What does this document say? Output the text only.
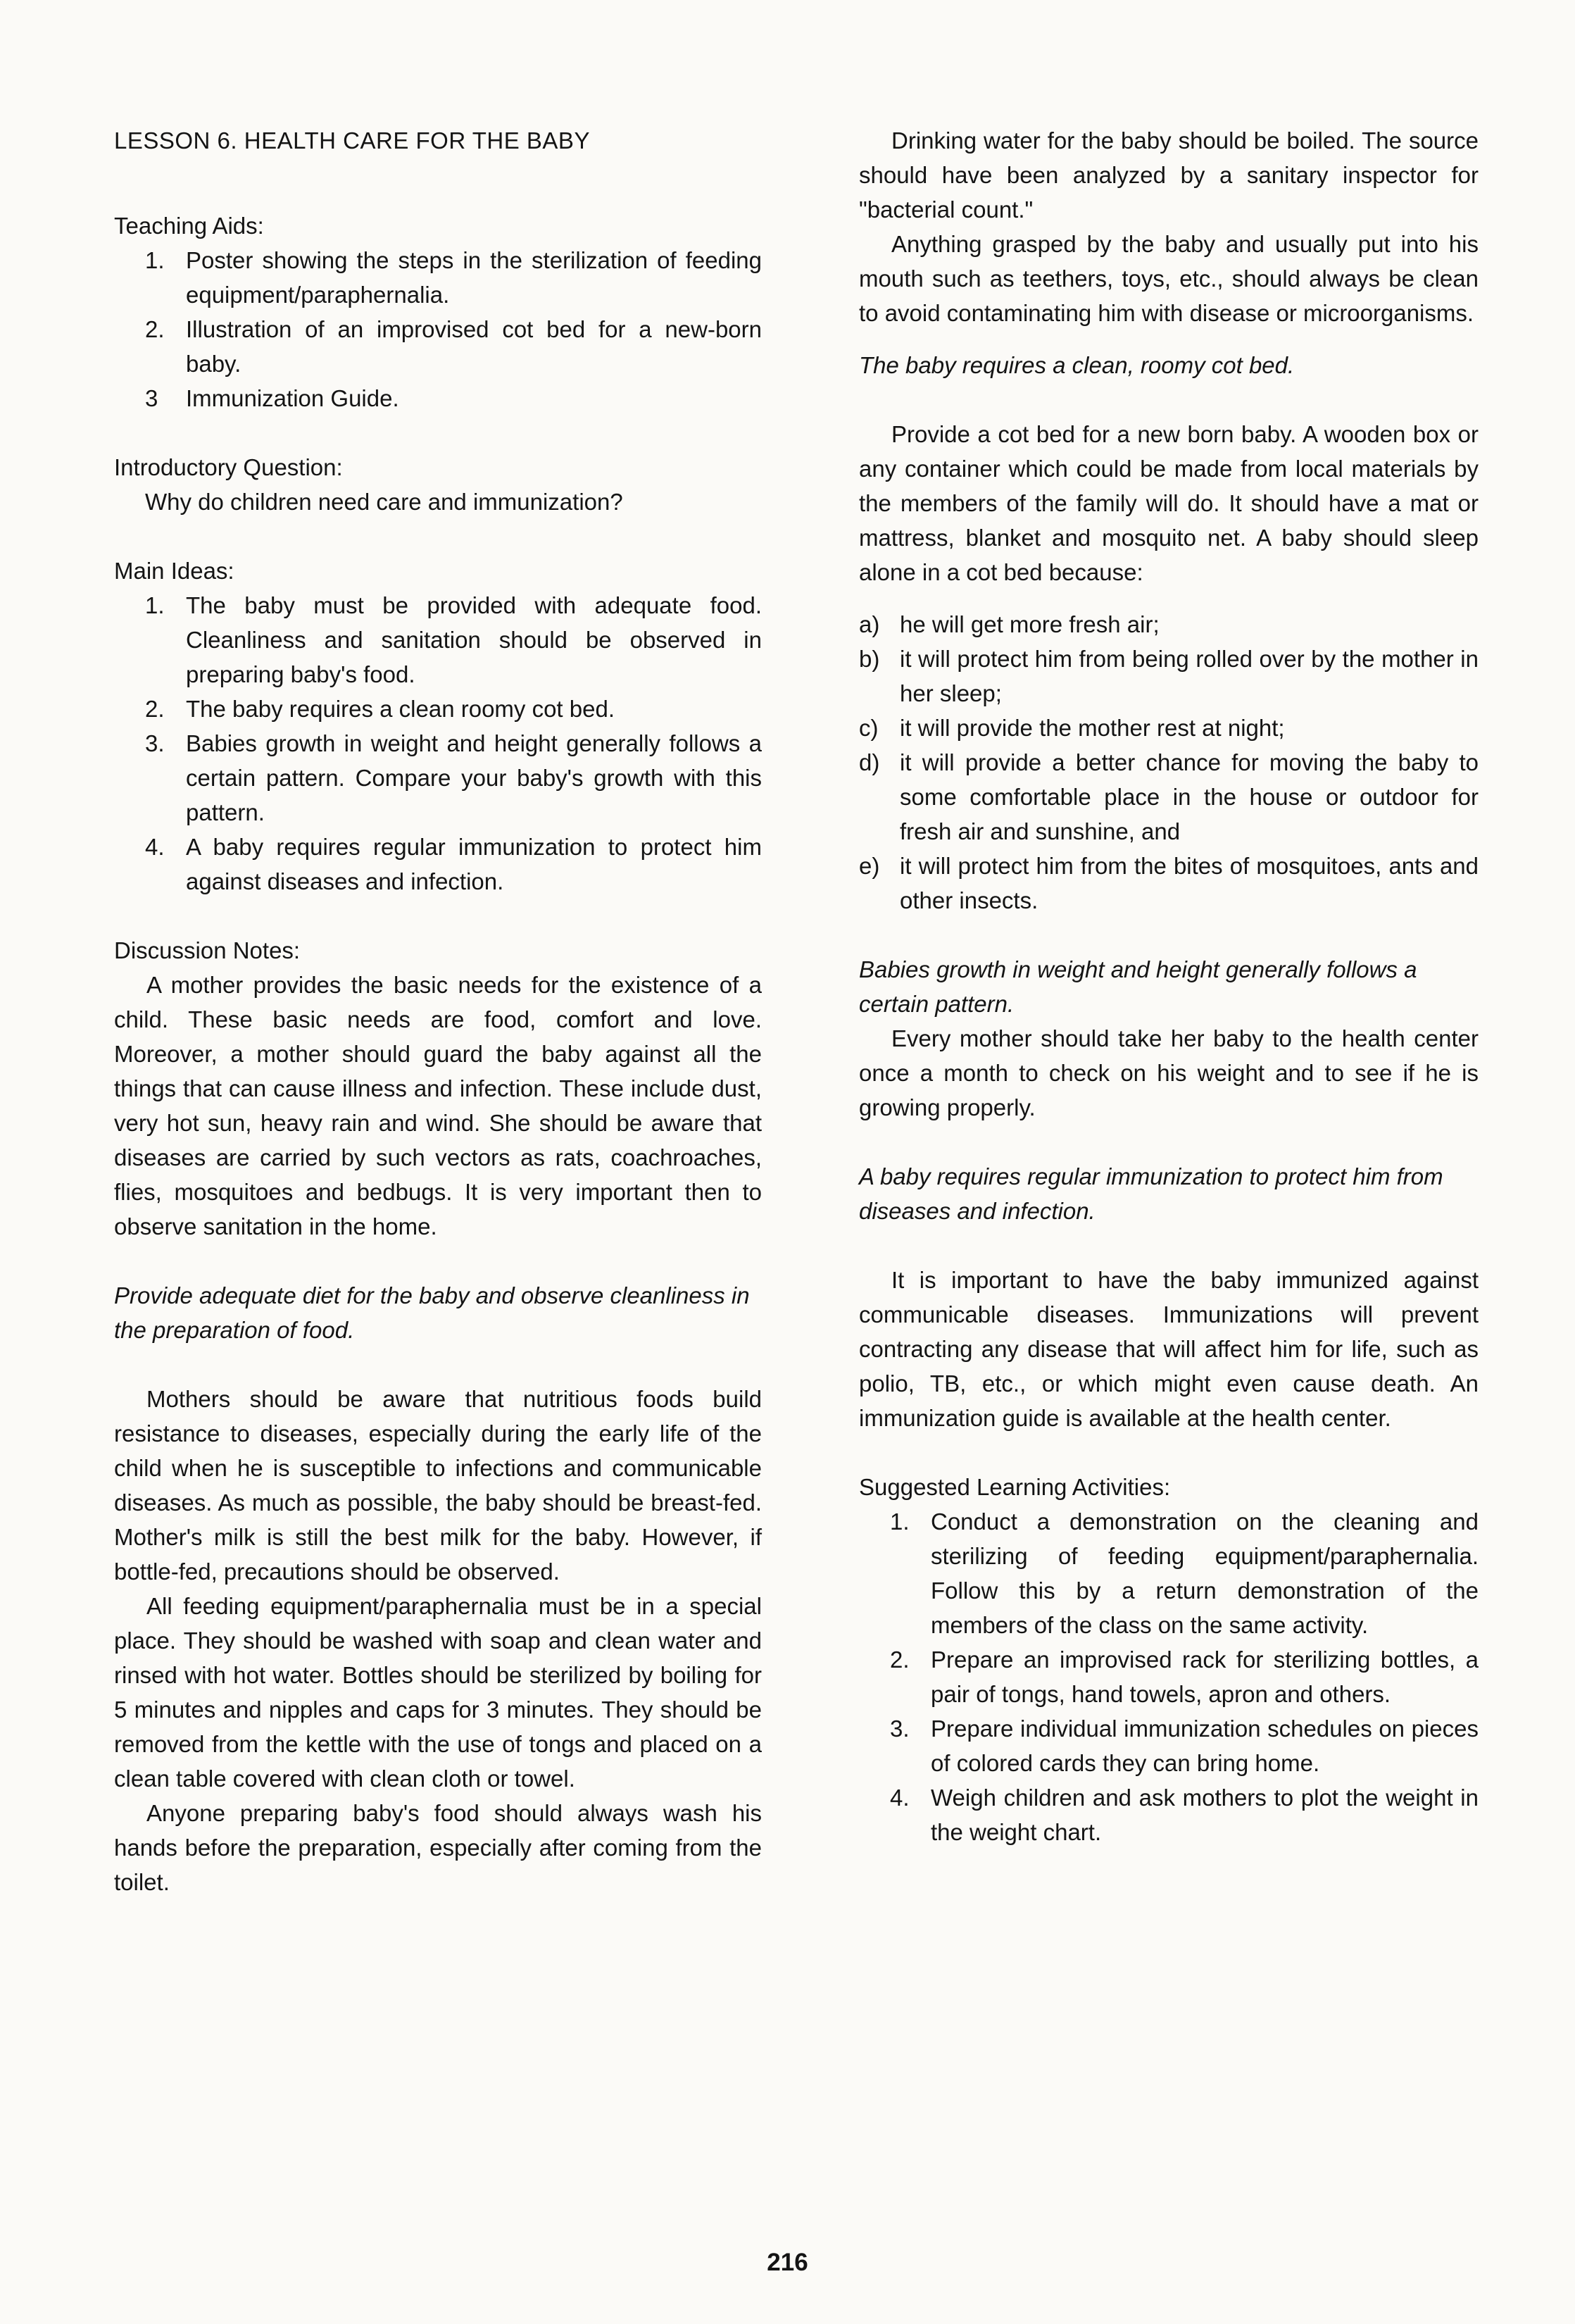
LESSON 6. HEALTH CARE FOR THE BABY

Teaching Aids:

1. Poster showing the steps in the sterilization of feeding equipment/paraphernalia.
2. Illustration of an improvised cot bed for a new-born baby.
3	Immunization Guide.

Introductory Question:

Why do children need care and immunization?

Main Ideas:

1. The baby must be provided with adequate food. Cleanliness and sanitation should be observed in preparing baby's food.
2. The baby requires a clean roomy cot bed.
3. Babies growth in weight and height generally follows a certain pattern. Compare your baby's growth with this pattern.
4. A baby requires regular immunization to protect him against diseases and infection.

Discussion Notes:

A mother provides the basic needs for the existence of a child. These basic needs are food, comfort and love. Moreover, a mother should guard the baby against all the things that can cause illness and infection. These include dust, very hot sun, heavy rain and wind. She should be aware that diseases are carried by such vectors as rats, coachroaches, flies, mosquitoes and bedbugs. It is very important then to observe sanitation in the home.

Provide adequate diet for the baby and observe cleanliness in the preparation of food.

Mothers should be aware that nutritious foods build resistance to diseases, especially during the early life of the child when he is susceptible to infections and communicable diseases. As much as possible, the baby should be breast-fed. Mother's milk is still the best milk for the baby. However, if bottle-fed, precautions should be observed.

All feeding equipment/paraphernalia must be in a special place. They should be washed with soap and clean water and rinsed with hot water. Bottles should be sterilized by boiling for 5 minutes and nipples and caps for 3 minutes. They should be removed from the kettle with the use of tongs and placed on a clean table covered with clean cloth or towel.

Anyone preparing baby's food should always wash his hands before the preparation, especially after coming from the toilet.

Drinking water for the baby should be boiled. The source should have been analyzed by a sanitary inspector for "bacterial count."

Anything grasped by the baby and usually put into his mouth such as teethers, toys, etc., should always be clean to avoid contaminating him with disease or microorganisms.

The baby requires a clean, roomy cot bed.

Provide a cot bed for a new born baby. A wooden box or any container which could be made from local materials by the members of the family will do. It should have a mat or mattress, blanket and mosquito net. A baby should sleep alone in a cot bed because:

a) he will get more fresh air;
b) it will protect him from being rolled over by the mother in her sleep;
c) it will provide the mother rest at night;
d) it will provide a better chance for moving the baby to some comfortable place in the house or outdoor for fresh air and sunshine, and
e) it will protect him from the bites of mosquitoes, ants and other insects.

Babies growth in weight and height generally follows a certain pattern.

Every mother should take her baby to the health center once a month to check on his weight and to see if he is growing properly.

A baby requires regular immunization to protect him from diseases and infection.

It is important to have the baby immunized against communicable diseases. Immunizations will prevent contracting any disease that will affect him for life, such as polio, TB, etc., or which might even cause death. An immunization guide is available at the health center.

Suggested Learning Activities:

1. Conduct a demonstration on the cleaning and sterilizing of feeding equipment/paraphernalia. Follow this by a return demonstration of the members of the class on the same activity.
2. Prepare an improvised rack for sterilizing bottles, a pair of tongs, hand towels, apron and others.
3. Prepare individual immunization schedules on pieces of colored cards they can bring home.
4. Weigh children and ask mothers to plot the weight in the weight chart.
216
